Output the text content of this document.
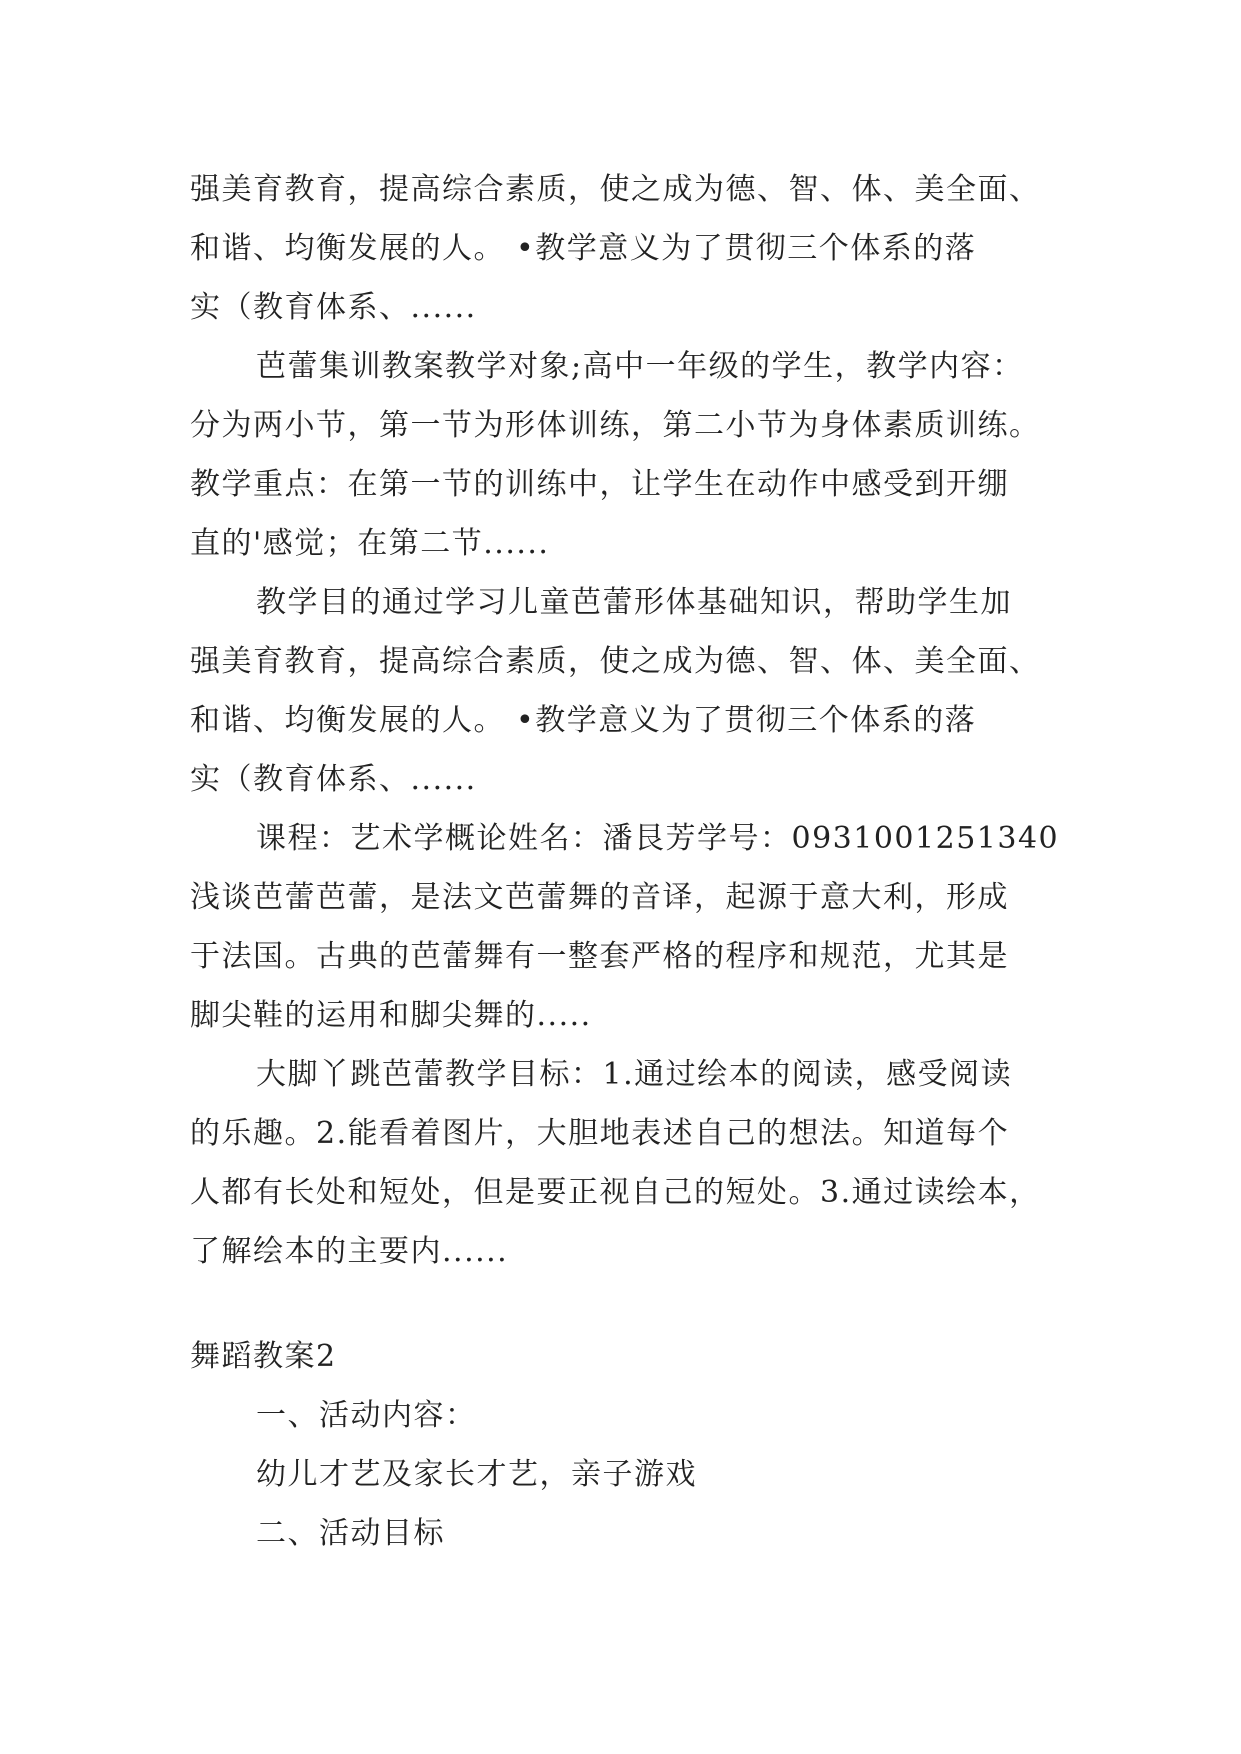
强美育教育，提高综合素质，使之成为德、智、体、美全面、
和谐、均衡发展的人。 •教学意义为了贯彻三个体系的落
实（教育体系、......
芭蕾集训教案教学对象;高中一年级的学生，教学内容：
分为两小节，第一节为形体训练，第二小节为身体素质训练。
教学重点：在第一节的训练中，让学生在动作中感受到开绷
直的'感觉；在第二节......
教学目的通过学习儿童芭蕾形体基础知识，帮助学生加
强美育教育，提高综合素质，使之成为德、智、体、美全面、
和谐、均衡发展的人。 •教学意义为了贯彻三个体系的落
实（教育体系、......
课程：艺术学概论姓名：潘艮芳学号：0931001251340
浅谈芭蕾芭蕾，是法文芭蕾舞的音译，起源于意大利，形成
于法国。古典的芭蕾舞有一整套严格的程序和规范，尤其是
脚尖鞋的运用和脚尖舞的.....
大脚丫跳芭蕾教学目标：1.通过绘本的阅读，感受阅读
的乐趣。2.能看着图片，大胆地表述自己的想法。知道每个
人都有长处和短处，但是要正视自己的短处。3.通过读绘本，
了解绘本的主要内......
舞蹈教案2
一、活动内容：
幼儿才艺及家长才艺，亲子游戏
二、活动目标
